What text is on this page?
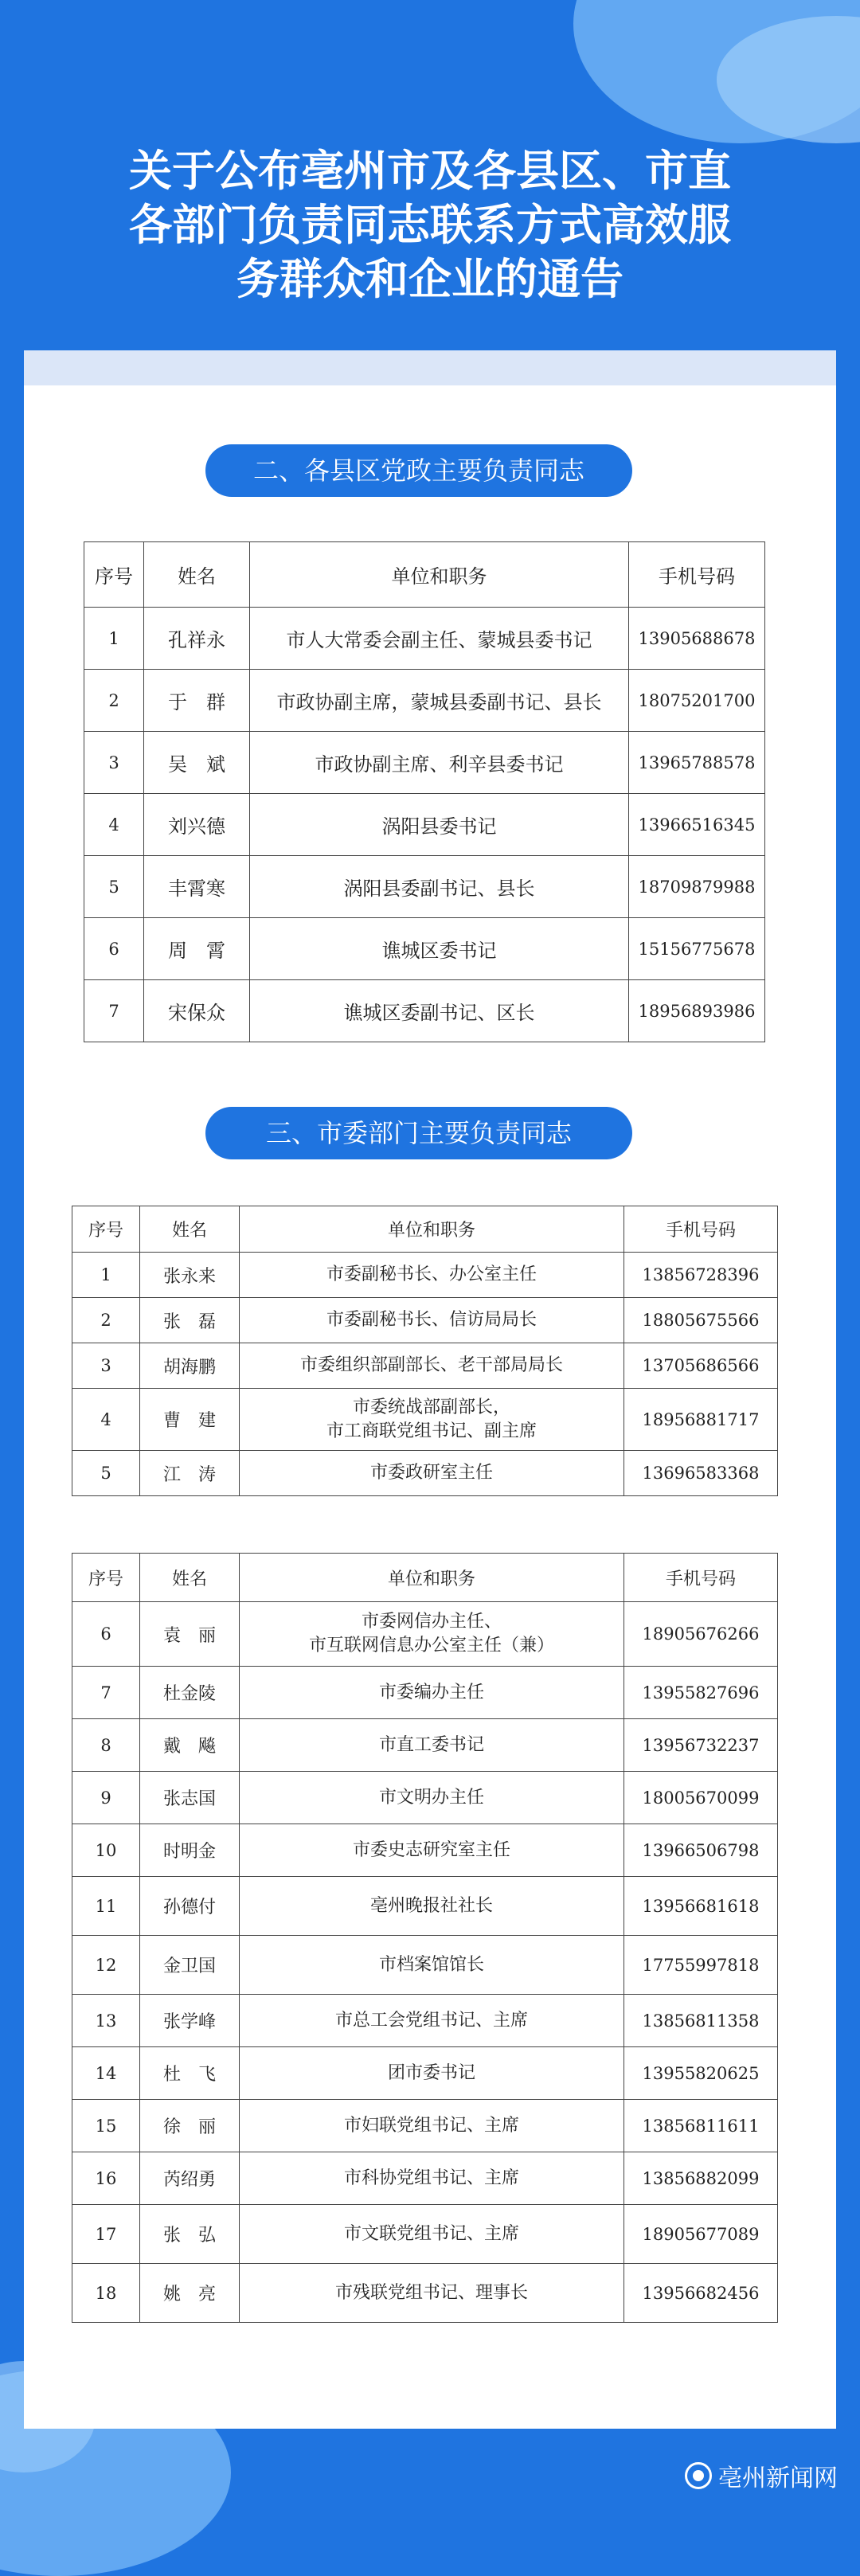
关于公布亳州市及各县区、市直
各部门负责同志联系方式高效服
务群众和企业的通告
二、各县区党政主要负责同志
序号	姓名	单位和职务	手机号码
1	孔祥永	市人大常委会副主任、蒙城县委书记	13905688678
2	于　群	市政协副主席，蒙城县委副书记、县长	18075201700
3	吴　斌	市政协副主席、利辛县委书记	13965788578
4	刘兴德	涡阳县委书记	13966516345
5	丰霄寒	涡阳县委副书记、县长	18709879988
6	周　霄	谯城区委书记	15156775678
7	宋保众	谯城区委副书记、区长	18956893986
三、市委部门主要负责同志
序号	姓名	单位和职务	手机号码
1	张永来	市委副秘书长、办公室主任	13856728396
2	张　磊	市委副秘书长、信访局局长	18805675566
3	胡海鹏	市委组织部副部长、老干部局局长	13705686566
4	曹　建	市委统战部副部长，
市工商联党组书记、副主席	18956881717
5	江　涛	市委政研室主任	13696583368
序号	姓名	单位和职务	手机号码
6	袁　丽	市委网信办主任、
市互联网信息办公室主任（兼）	18905676266
7	杜金陵	市委编办主任	13955827696
8	戴　飚	市直工委书记	13956732237
9	张志国	市文明办主任	18005670099
10	时明金	市委史志研究室主任	13966506798
11	孙德付	亳州晚报社社长	13956681618
12	金卫国	市档案馆馆长	17755997818
13	张学峰	市总工会党组书记、主席	13856811358
14	杜　飞	团市委书记	13955820625
15	徐　丽	市妇联党组书记、主席	13856811611
16	芮绍勇	市科协党组书记、主席	13856882099
17	张　弘	市文联党组书记、主席	18905677089
18	姚　亮	市残联党组书记、理事长	13956682456
亳州新闻网
